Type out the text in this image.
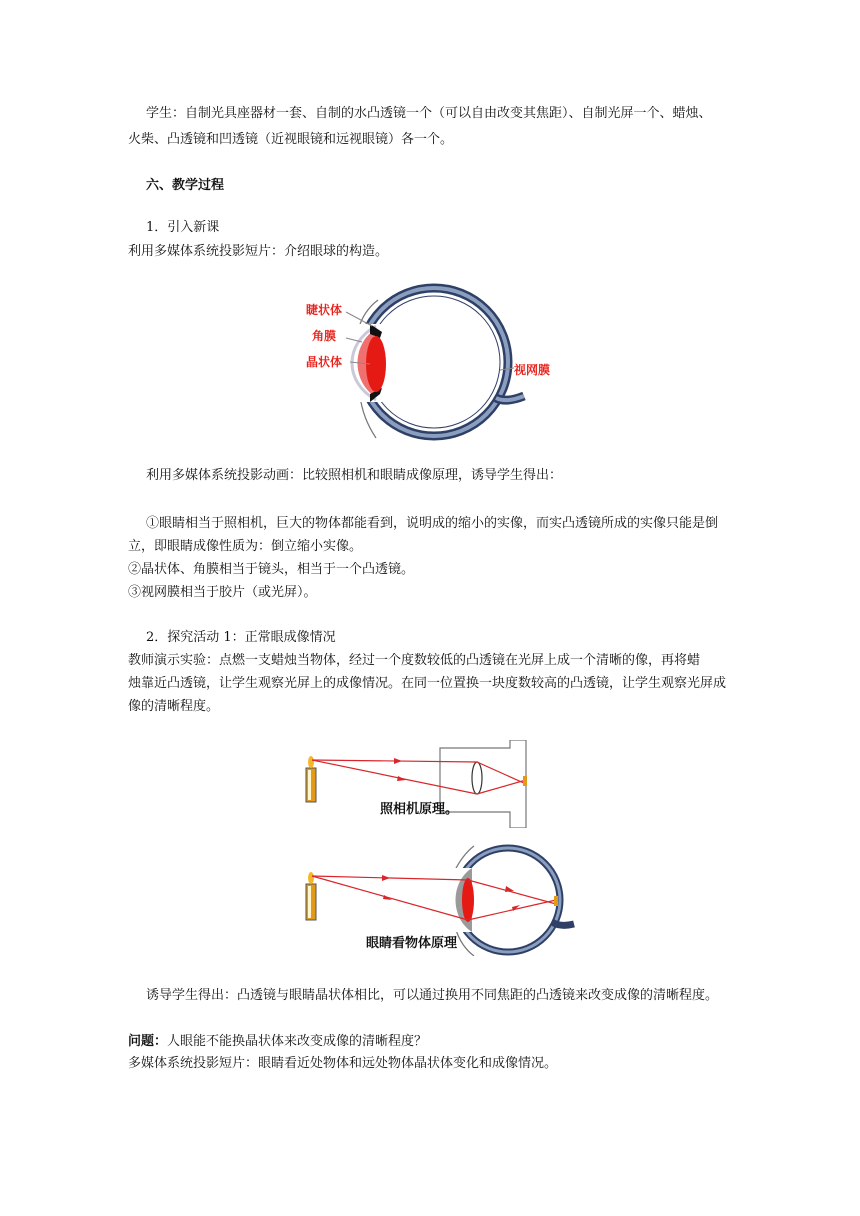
学生：自制光具座器材一套、自制的水凸透镜一个（可以自由改变其焦距）、自制光屏一个、蜡烛、
火柴、凸透镜和凹透镜（近视眼镜和远视眼镜）各一个。
六、教学过程
1．引入新课
利用多媒体系统投影短片：介绍眼球的构造。
睫状体
角膜
晶状体
视网膜
利用多媒体系统投影动画：比较照相机和眼睛成像原理，诱导学生得出：
①眼睛相当于照相机，巨大的物体都能看到，说明成的缩小的实像，而实凸透镜所成的实像只能是倒
立，即眼睛成像性质为：倒立缩小实像。
②晶状体、角膜相当于镜头，相当于一个凸透镜。
③视网膜相当于胶片（或光屏）。
2．探究活动 1：正常眼成像情况
教师演示实验：点燃一支蜡烛当物体，经过一个度数较低的凸透镜在光屏上成一个清晰的像，再将蜡
烛靠近凸透镜，让学生观察光屏上的成像情况。在同一位置换一块度数较高的凸透镜，让学生观察光屏成
像的清晰程度。
照相机原理。
眼睛看物体原理
诱导学生得出：凸透镜与眼睛晶状体相比，可以通过换用不同焦距的凸透镜来改变成像的清晰程度。
问题：人眼能不能换晶状体来改变成像的清晰程度？
多媒体系统投影短片：眼睛看近处物体和远处物体晶状体变化和成像情况。
